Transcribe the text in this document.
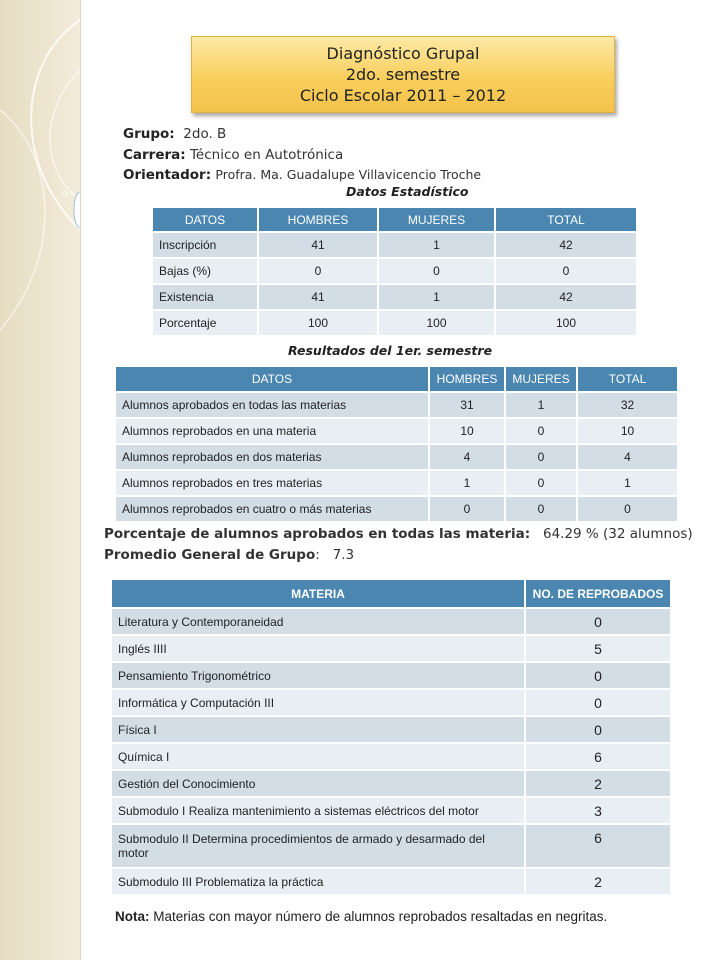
o
Diagnóstico Grupal
2do. semestre
Ciclo Escolar 2011 – 2012
Grupo: 2do. B
Carrera: Técnico en Autotrónica
Orientador: Profra. Ma. Guadalupe Villavicencio Troche
Datos Estadístico
DATOS	HOMBRES	MUJERES	TOTAL
Inscripción	41	1	42
Bajas (%)	0	0	0
Existencia	41	1	42
Porcentaje	100	100	100
Resultados del 1er. semestre
DATOS	HOMBRES	MUJERES	TOTAL
Alumnos aprobados en todas las materias	31	1	32
Alumnos reprobados en una materia	10	0	10
Alumnos reprobados en dos materias	4	0	4
Alumnos reprobados en tres materias	1	0	1
Alumnos reprobados en cuatro o más materias	0	0	0
Porcentaje de alumnos aprobados en todas las materia: 64.29 % (32 alumnos)
Promedio General de Grupo: 7.3
MATERIA	NO. DE REPROBADOS
Literatura y Contemporaneidad	0
Inglés IIII	5
Pensamiento Trigonométrico	0
Informática y Computación III	0
Física I	0
Química I	6
Gestión del Conocimiento	2
Submodulo I Realiza mantenimiento a sistemas eléctricos del motor	3
Submodulo II Determina procedimientos de armado y desarmado del motor	6
Submodulo III Problematiza la práctica	2
Nota: Materias con mayor número de alumnos reprobados resaltadas en negritas.
